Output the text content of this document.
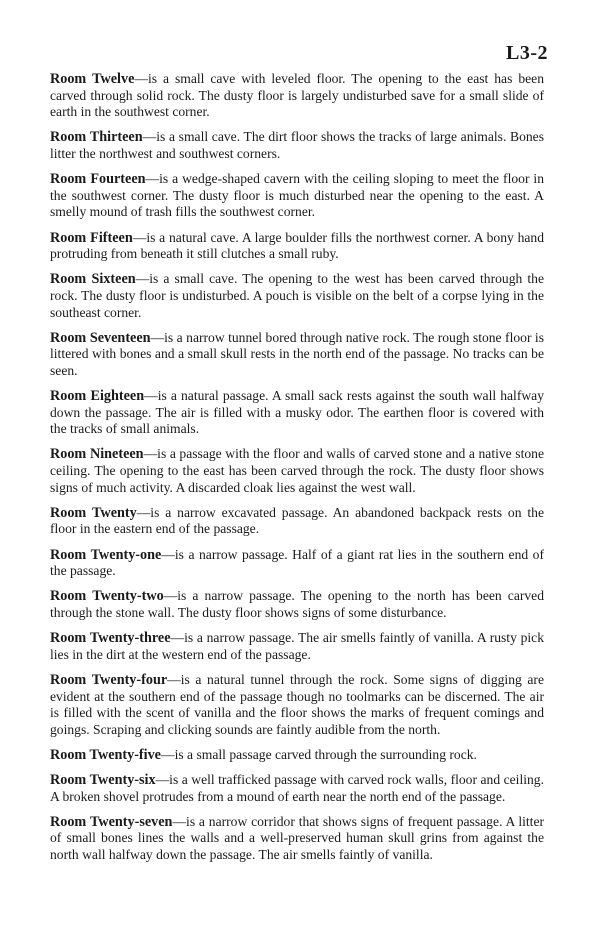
L3-2

Room Twelve—is a small cave with leveled floor. The opening to the east has been carved through solid rock. The dusty floor is largely undisturbed save for a small slide of earth in the southwest corner.

Room Thirteen—is a small cave. The dirt floor shows the tracks of large animals. Bones litter the northwest and southwest corners.

Room Fourteen—is a wedge-shaped cavern with the ceiling sloping to meet the floor in the southwest corner. The dusty floor is much disturbed near the opening to the east. A smelly mound of trash fills the southwest corner.

Room Fifteen—is a natural cave. A large boulder fills the northwest corner. A bony hand protruding from beneath it still clutches a small ruby.

Room Sixteen—is a small cave. The opening to the west has been carved through the rock. The dusty floor is undisturbed. A pouch is visible on the belt of a corpse lying in the southeast corner.

Room Seventeen—is a narrow tunnel bored through native rock. The rough stone floor is littered with bones and a small skull rests in the north end of the passage. No tracks can be seen.

Room Eighteen—is a natural passage. A small sack rests against the south wall halfway down the passage. The air is filled with a musky odor. The earthen floor is covered with the tracks of small animals.

Room Nineteen—is a passage with the floor and walls of carved stone and a native stone ceiling. The opening to the east has been carved through the rock. The dusty floor shows signs of much activity. A discarded cloak lies against the west wall.

Room Twenty—is a narrow excavated passage. An abandoned backpack rests on the floor in the eastern end of the passage.

Room Twenty-one—is a narrow passage. Half of a giant rat lies in the southern end of the passage.

Room Twenty-two—is a narrow passage. The opening to the north has been carved through the stone wall. The dusty floor shows signs of some disturbance.

Room Twenty-three—is a narrow passage. The air smells faintly of vanilla. A rusty pick lies in the dirt at the western end of the passage.

Room Twenty-four—is a natural tunnel through the rock. Some signs of digging are evident at the southern end of the passage though no toolmarks can be discerned. The air is filled with the scent of vanilla and the floor shows the marks of frequent comings and goings. Scraping and clicking sounds are faintly audible from the north.

Room Twenty-five—is a small passage carved through the surrounding rock.

Room Twenty-six—is a well trafficked passage with carved rock walls, floor and ceiling. A broken shovel protrudes from a mound of earth near the north end of the passage.

Room Twenty-seven—is a narrow corridor that shows signs of frequent passage. A litter of small bones lines the walls and a well-preserved human skull grins from against the north wall halfway down the passage. The air smells faintly of vanilla.
